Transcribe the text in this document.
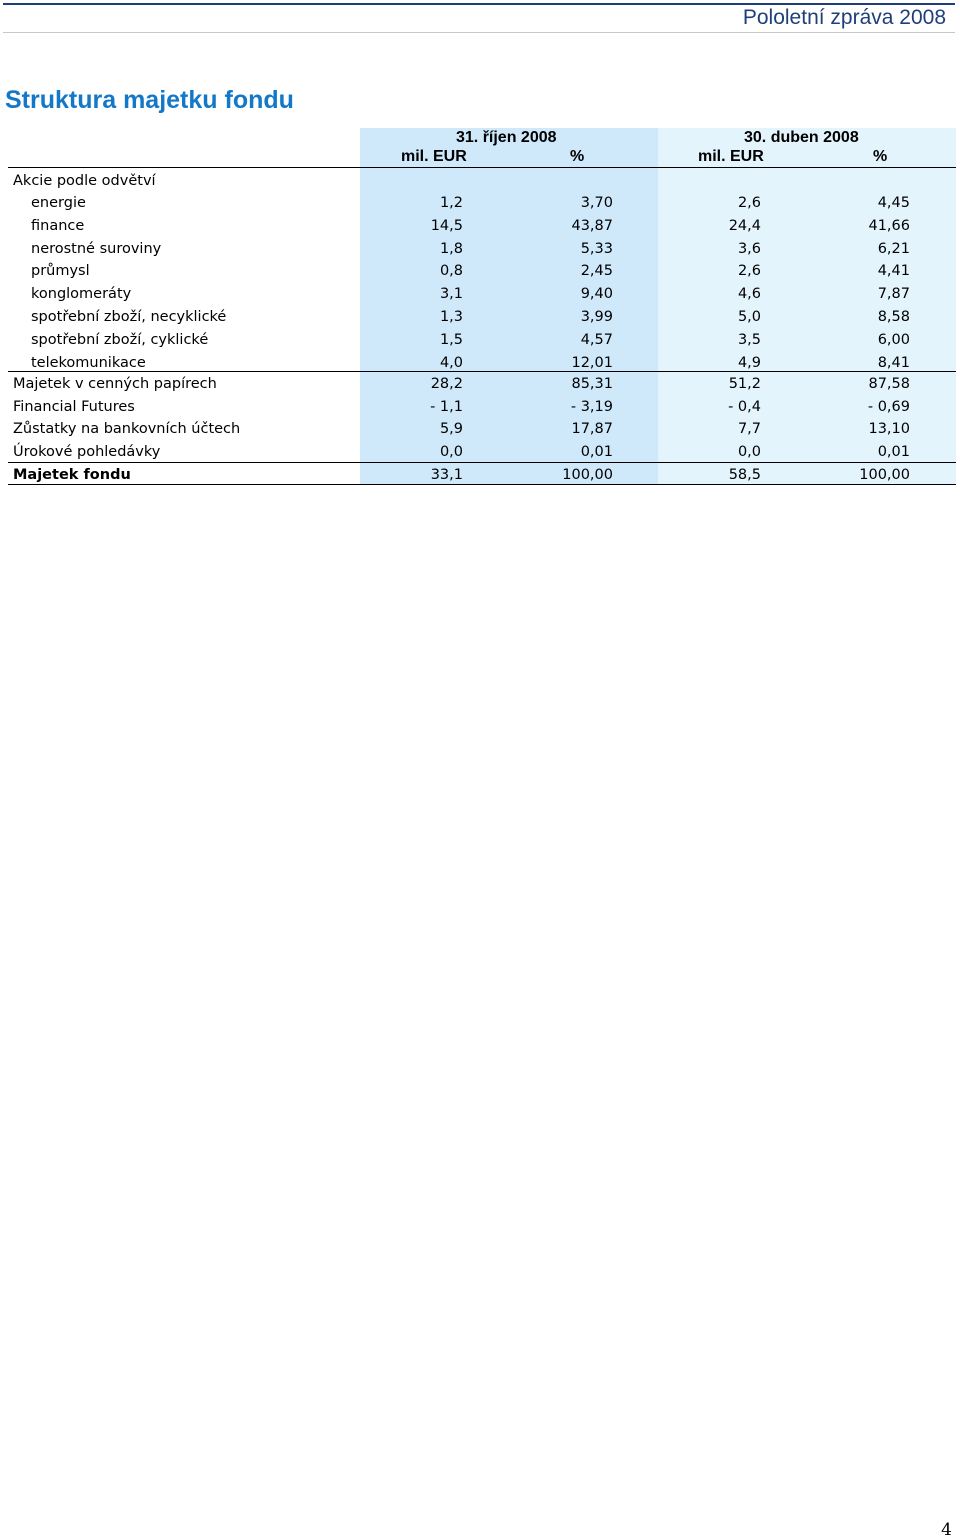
Pololetní zpráva 2008
Struktura majetku fondu
31. říjen 2008	30. duben 2008
mil. EUR	%	mil. EUR	%
Akcie podle odvětví
energie	1,2	3,70	2,6	4,45
finance	14,5	43,87	24,4	41,66
nerostné suroviny	1,8	5,33	3,6	6,21
průmysl	0,8	2,45	2,6	4,41
konglomeráty	3,1	9,40	4,6	7,87
spotřební zboží, necyklické	1,3	3,99	5,0	8,58
spotřební zboží, cyklické	1,5	4,57	3,5	6,00
telekomunikace	4,0	12,01	4,9	8,41
Majetek v cenných papírech	28,2	85,31	51,2	87,58
Financial Futures	- 1,1	- 3,19	- 0,4	- 0,69
Zůstatky na bankovních účtech	5,9	17,87	7,7	13,10
Úrokové pohledávky	0,0	0,01	0,0	0,01
Majetek fondu	33,1	100,00	58,5	100,00
4
